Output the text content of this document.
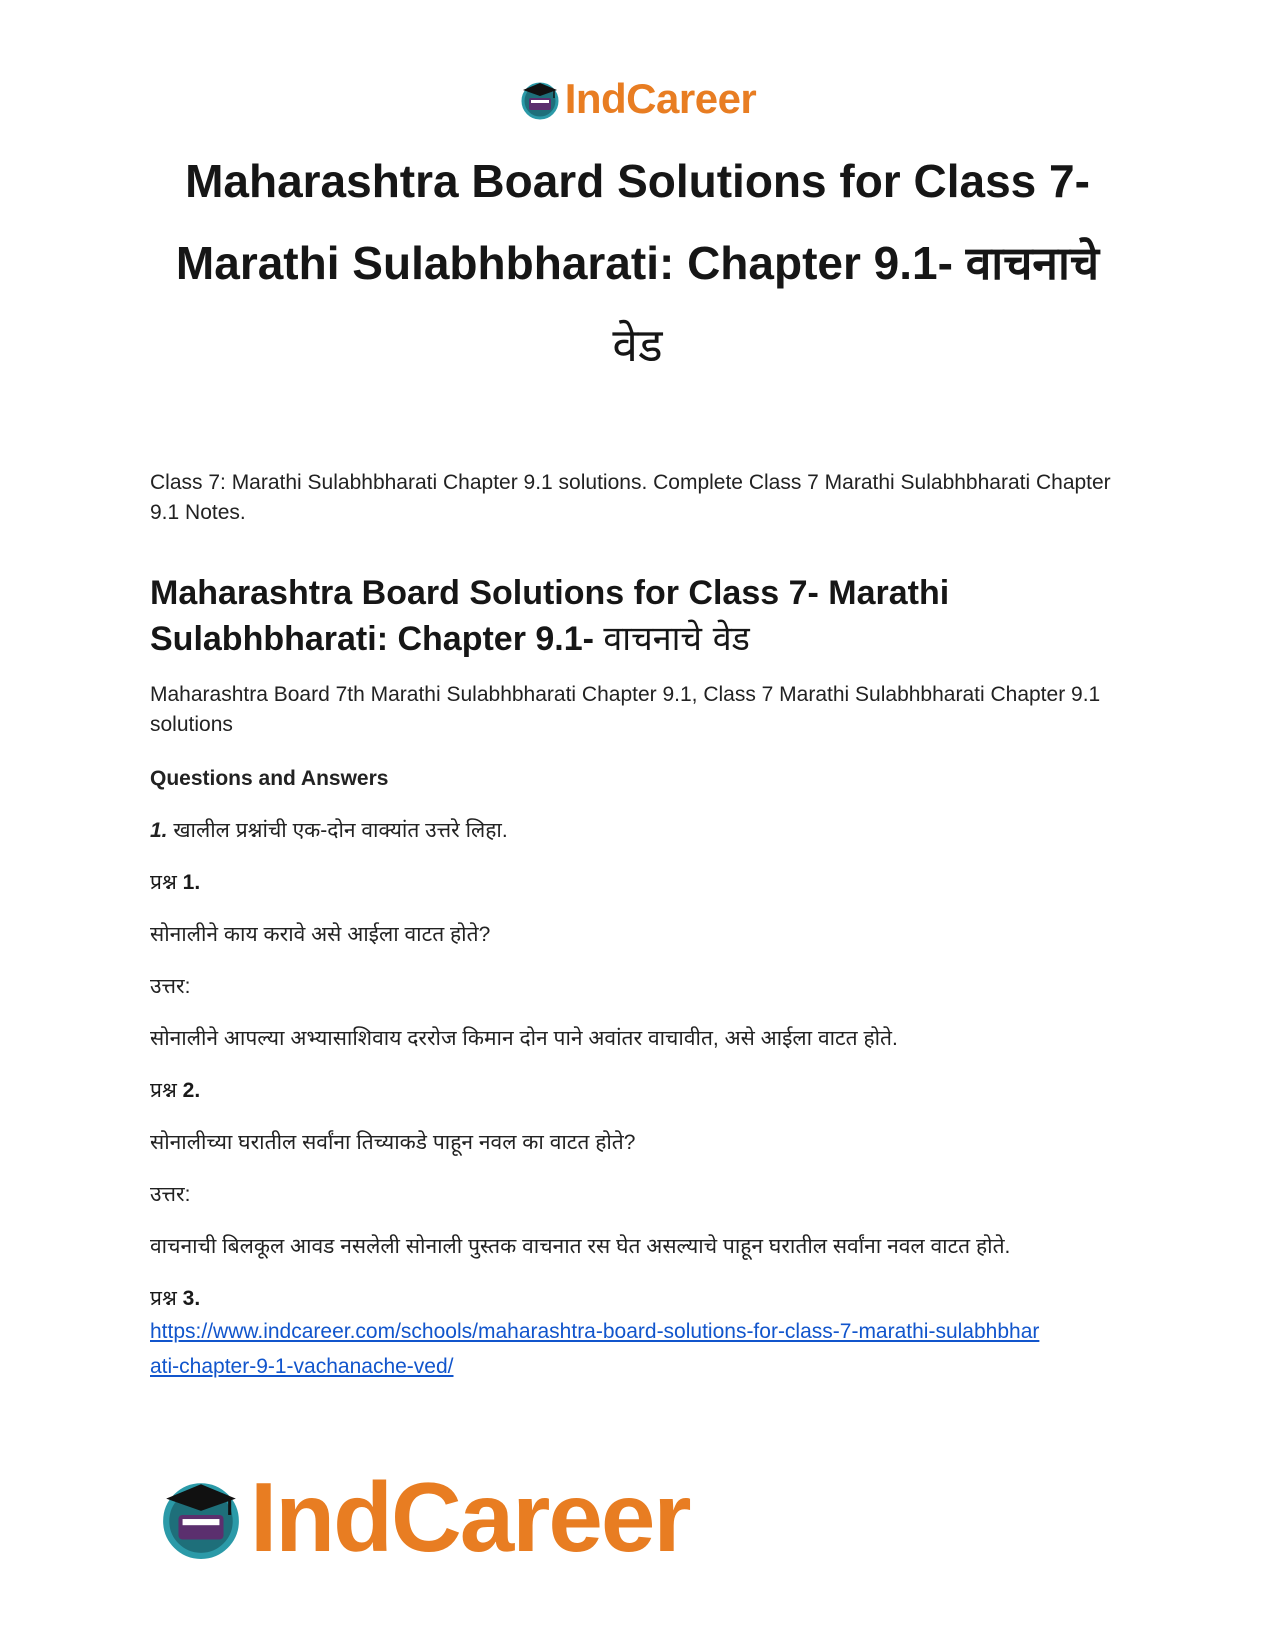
IndCareer
Maharashtra Board Solutions for Class 7-
Marathi Sulabhbharati: Chapter 9.1- वाचनाचे
वेड

Class 7: Marathi Sulabhbharati Chapter 9.1 solutions. Complete Class 7 Marathi Sulabhbharati Chapter 9.1 Notes.

Maharashtra Board Solutions for Class 7- Marathi
Sulabhbharati: Chapter 9.1- वाचनाचे वेड

Maharashtra Board 7th Marathi Sulabhbharati Chapter 9.1, Class 7 Marathi Sulabhbharati Chapter 9.1 solutions

Questions and Answers

1. खालील प्रश्नांची एक-दोन वाक्यांत उत्तरे लिहा.

प्रश्न 1.

सोनालीने काय करावे असे आईला वाटत होते?

उत्तर:

सोनालीने आपल्या अभ्यासाशिवाय दररोज किमान दोन पाने अवांतर वाचावीत, असे आईला वाटत होते.

प्रश्न 2.

सोनालीच्या घरातील सर्वांना तिच्याकडे पाहून नवल का वाटत होते?

उत्तर:

वाचनाची बिलकूल आवड नसलेली सोनाली पुस्तक वाचनात रस घेत असल्याचे पाहून घरातील सर्वांना नवल वाटत होते.

प्रश्न 3.

https://www.indcareer.com/schools/maharashtra-board-solutions-for-class-7-marathi-sulabhbhar
ati-chapter-9-1-vachanache-ved/
IndCareer
